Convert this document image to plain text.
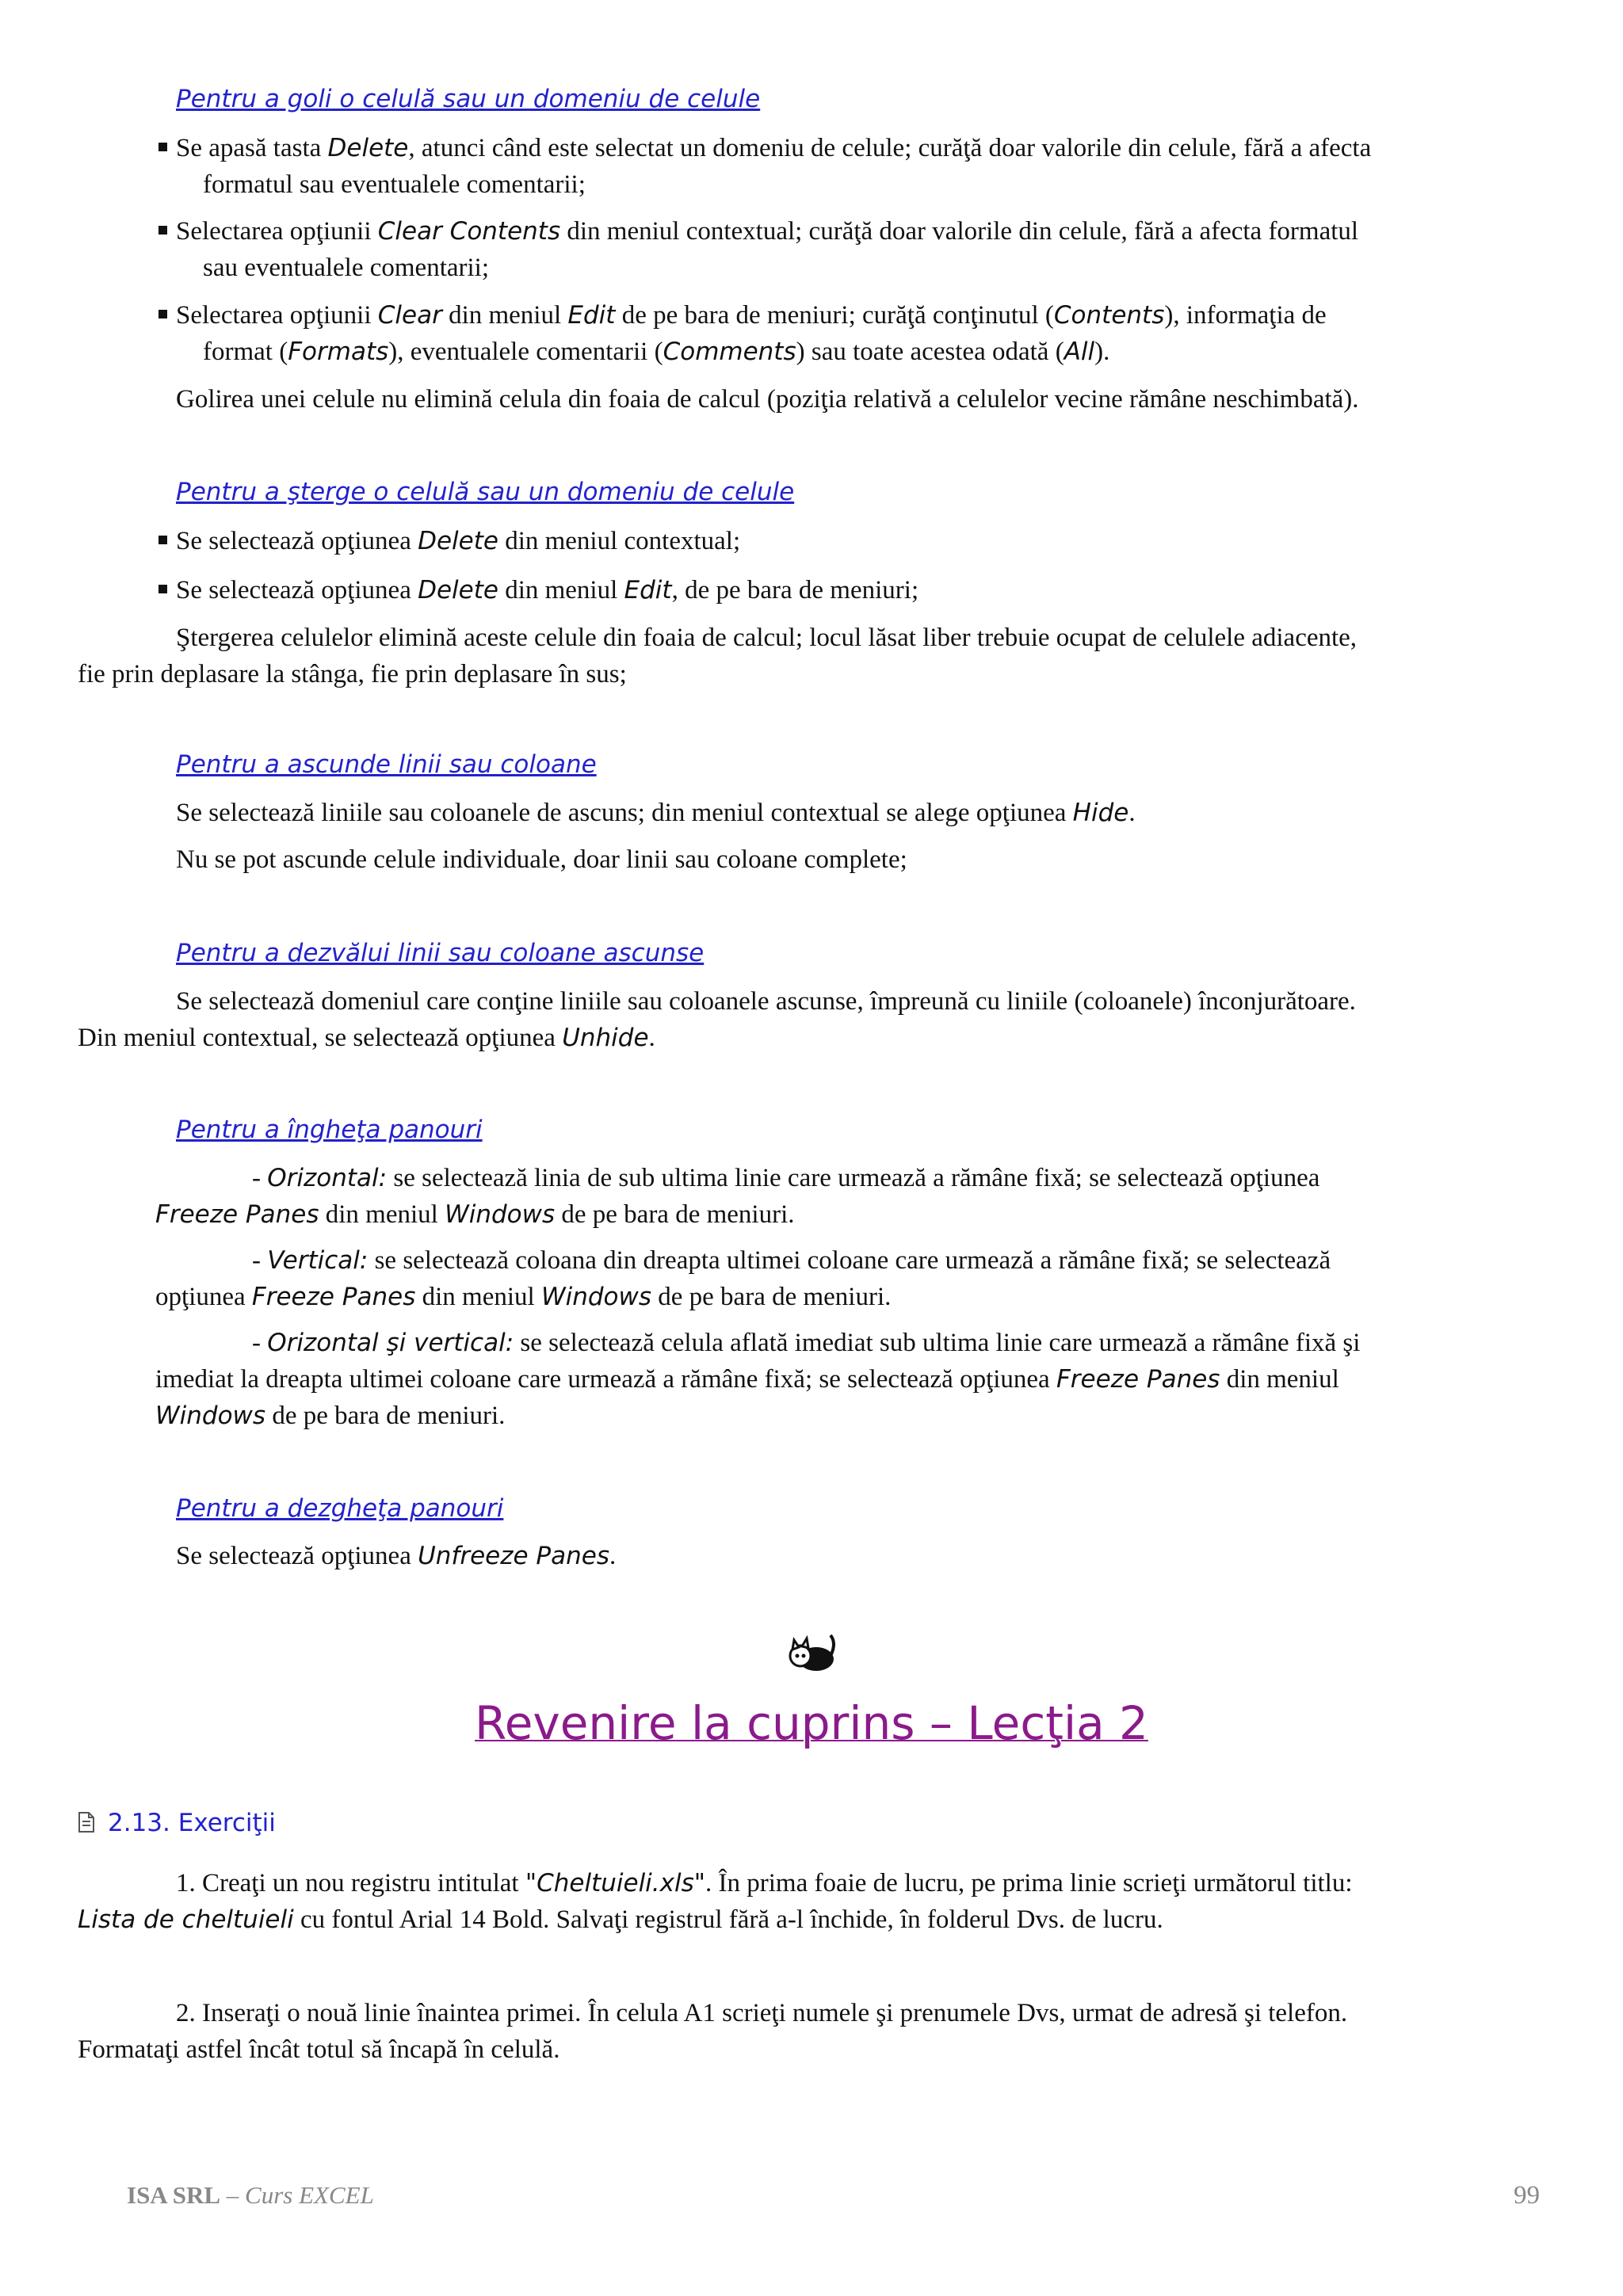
Pentru a goli o celulă sau un domeniu de celule
Se apasă tasta Delete, atunci când este selectat un domeniu de celule; curăţă doar valorile din celule, fără a afecta
formatul sau eventualele comentarii;
Selectarea opţiunii Clear Contents din meniul contextual; curăţă doar valorile din celule, fără a afecta formatul
sau eventualele comentarii;
Selectarea opţiunii Clear din meniul Edit de pe bara de meniuri; curăţă conţinutul (Contents), informaţia de
format (Formats), eventualele comentarii (Comments) sau toate acestea odată (All).
Golirea unei celule nu elimină celula din foaia de calcul (poziţia relativă a celulelor vecine rămâne neschimbată).
Pentru a şterge o celulă sau un domeniu de celule
Se selectează opţiunea Delete din meniul contextual;
Se selectează opţiunea Delete din meniul Edit, de pe bara de meniuri;
Ştergerea celulelor elimină aceste celule din foaia de calcul; locul lăsat liber trebuie ocupat de celulele adiacente,
fie prin deplasare la stânga, fie prin deplasare în sus;
Pentru a ascunde linii sau coloane
Se selectează liniile sau coloanele de ascuns; din meniul contextual se alege opţiunea Hide.
Nu se pot ascunde celule individuale, doar linii sau coloane complete;
Pentru a dezvălui linii sau coloane ascunse
Se selectează domeniul care conţine liniile sau coloanele ascunse, împreună cu liniile (coloanele) înconjurătoare.
Din meniul contextual, se selectează opţiunea Unhide.
Pentru a îngheţa panouri
- Orizontal: se selectează linia de sub ultima linie care urmează a rămâne fixă; se selectează opţiunea
Freeze Panes din meniul Windows de pe bara de meniuri.
- Vertical: se selectează coloana din dreapta ultimei coloane care urmează a rămâne fixă; se selectează
opţiunea Freeze Panes din meniul Windows de pe bara de meniuri.
- Orizontal şi vertical: se selectează celula aflată imediat sub ultima linie care urmează a rămâne fixă şi
imediat la dreapta ultimei coloane care urmează a rămâne fixă; se selectează opţiunea Freeze Panes din meniul
Windows de pe bara de meniuri.
Pentru a dezgheţa panouri
Se selectează opţiunea Unfreeze Panes.
Revenire la cuprins – Lecţia 2
2.13. Exerciţii
1. Creaţi un nou registru intitulat "Cheltuieli.xls". În prima foaie de lucru, pe prima linie scrieţi următorul titlu:
Lista de cheltuieli cu fontul Arial 14 Bold. Salvaţi registrul fără a-l închide, în folderul Dvs. de lucru.
2. Inseraţi o nouă linie înaintea primei. În celula A1 scrieţi numele şi prenumele Dvs, urmat de adresă şi telefon.
Formataţi astfel încât totul să încapă în celulă.
ISA SRL – Curs EXCEL	99
